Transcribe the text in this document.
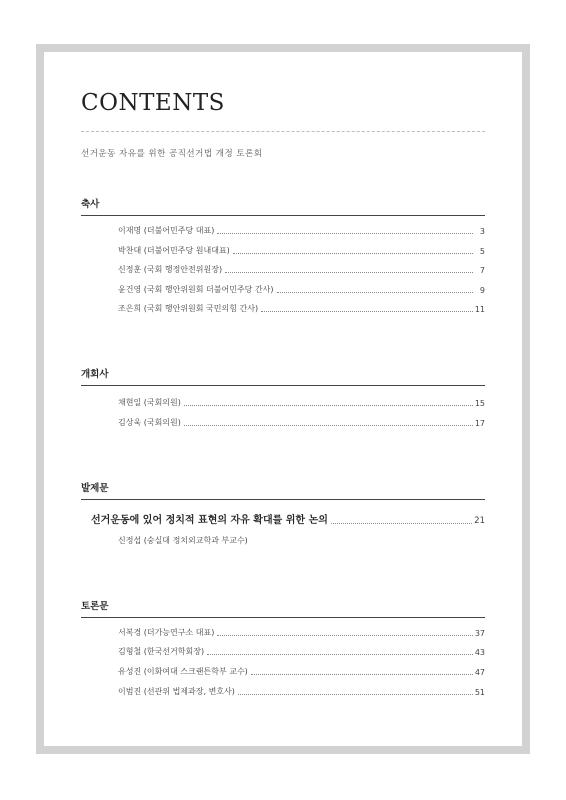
CONTENTS
선거운동 자유를 위한 공직선거법 개정 토론회
축사
이재명 (더불어민주당 대표)	3
박찬대 (더불어민주당 원내대표)	5
신정훈 (국회 행정안전위원장)	7
윤건영 (국회 행안위원회 더불어민주당 간사)	9
조은희 (국회 행안위원회 국민의힘 간사)	11
개회사
채현일 (국회의원)	15
김상욱 (국회의원)	17
발제문
선거운동에 있어 정치적 표현의 자유 확대를 위한 논의	21
신정섭 (숭실대 정치외교학과 부교수)
토론문
서복경 (더가능연구소 대표)	37
김형철 (한국선거학회장)	43
유성진 (이화여대 스크랜튼학부 교수)	47
이범진 (선관위 법제과장, 변호사)	51
